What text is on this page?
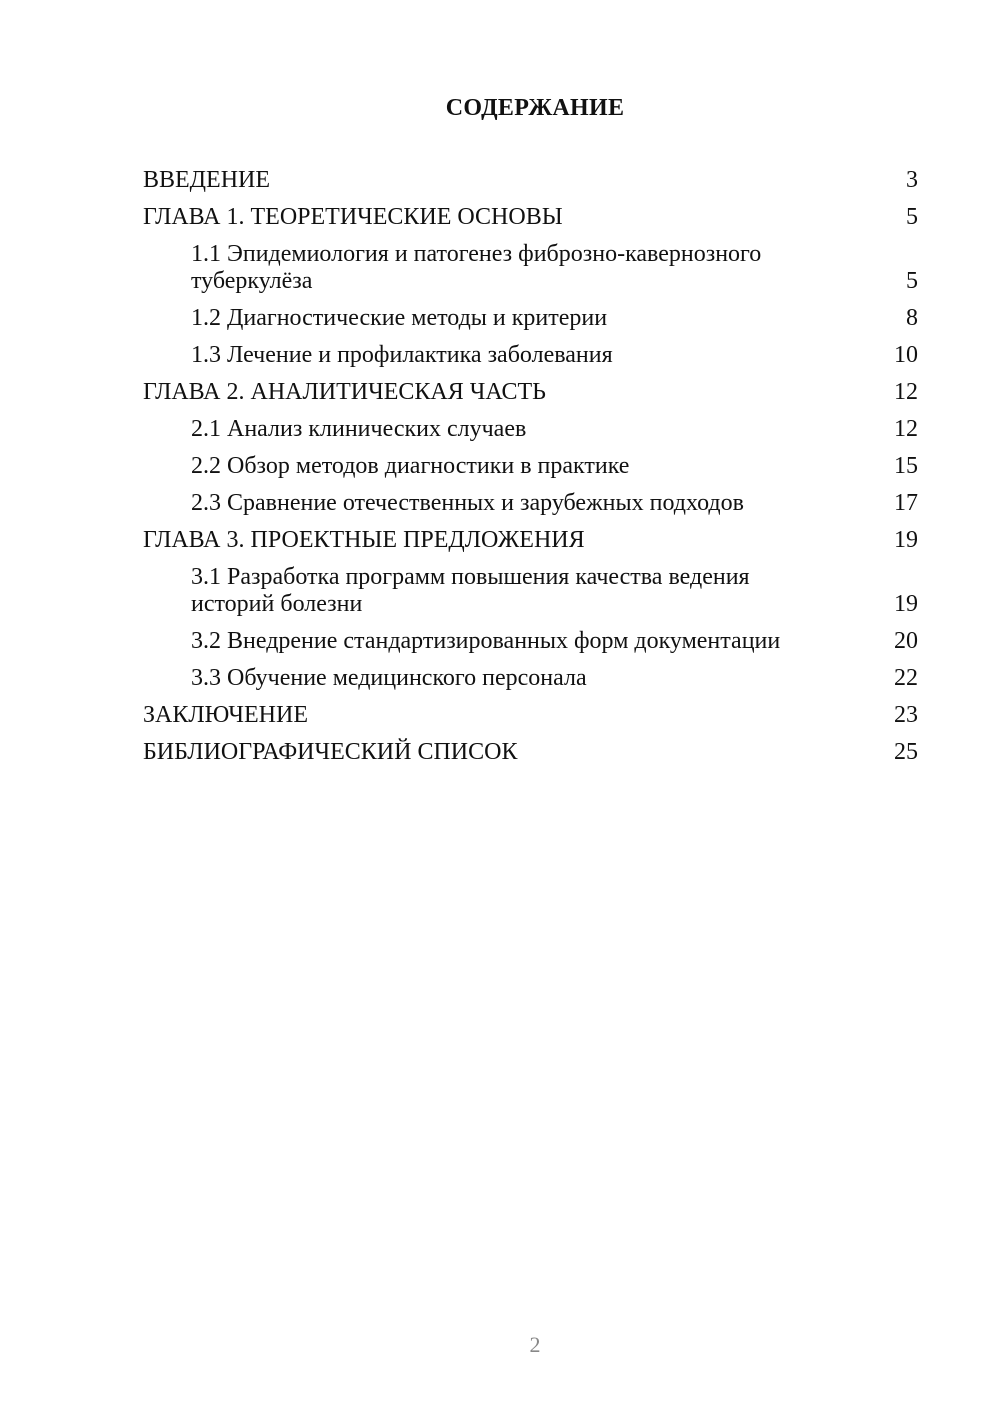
СОДЕРЖАНИЕ
ВВЕДЕНИЕ	3
ГЛАВА 1. ТЕОРЕТИЧЕСКИЕ ОСНОВЫ	5
1.1 Эпидемиология и патогенез фиброзно-кавернозного туберкулёза	5
1.2 Диагностические методы и критерии	8
1.3 Лечение и профилактика заболевания	10
ГЛАВА 2. АНАЛИТИЧЕСКАЯ ЧАСТЬ	12
2.1 Анализ клинических случаев	12
2.2 Обзор методов диагностики в практике	15
2.3 Сравнение отечественных и зарубежных подходов	17
ГЛАВА 3. ПРОЕКТНЫЕ ПРЕДЛОЖЕНИЯ	19
3.1 Разработка программ повышения качества ведения историй болезни	19
3.2 Внедрение стандартизированных форм документации	20
3.3 Обучение медицинского персонала	22
ЗАКЛЮЧЕНИЕ	23
БИБЛИОГРАФИЧЕСКИЙ СПИСОК	25
2
